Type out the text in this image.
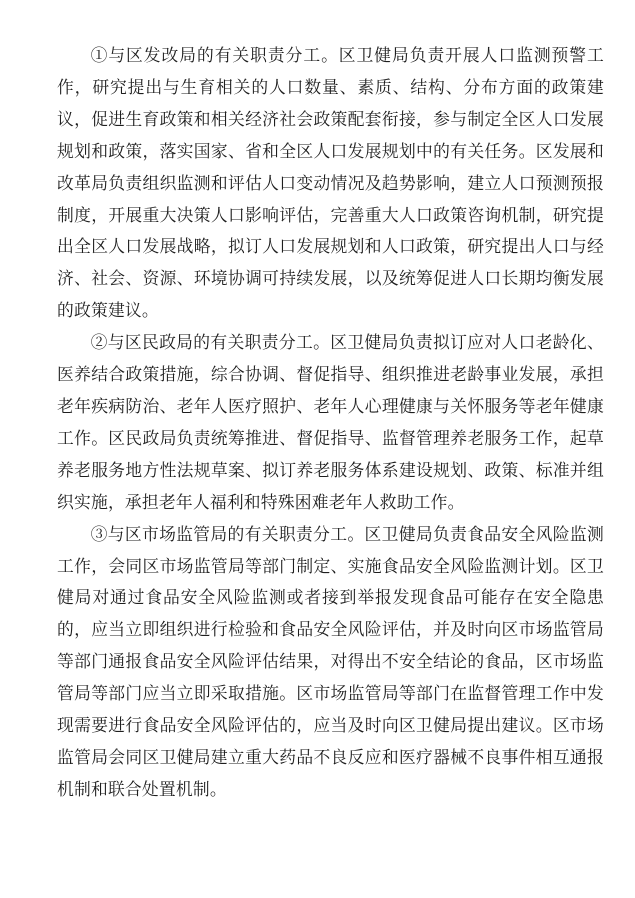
①与区发改局的有关职责分工。区卫健局负责开展人口监测预警工作，研究提出与生育相关的人口数量、素质、结构、分布方面的政策建议，促进生育政策和相关经济社会政策配套衔接，参与制定全区人口发展规划和政策，落实国家、省和全区人口发展规划中的有关任务。区发展和改革局负责组织监测和评估人口变动情况及趋势影响，建立人口预测预报制度，开展重大决策人口影响评估，完善重大人口政策咨询机制，研究提出全区人口发展战略，拟订人口发展规划和人口政策，研究提出人口与经济、社会、资源、环境协调可持续发展，以及统筹促进人口长期均衡发展的政策建议。

②与区民政局的有关职责分工。区卫健局负责拟订应对人口老龄化、医养结合政策措施，综合协调、督促指导、组织推进老龄事业发展，承担老年疾病防治、老年人医疗照护、老年人心理健康与关怀服务等老年健康工作。区民政局负责统筹推进、督促指导、监督管理养老服务工作，起草养老服务地方性法规草案、拟订养老服务体系建设规划、政策、标准并组织实施，承担老年人福利和特殊困难老年人救助工作。

③与区市场监管局的有关职责分工。区卫健局负责食品安全风险监测工作，会同区市场监管局等部门制定、实施食品安全风险监测计划。区卫健局对通过食品安全风险监测或者接到举报发现食品可能存在安全隐患的，应当立即组织进行检验和食品安全风险评估，并及时向区市场监管局等部门通报食品安全风险评估结果，对得出不安全结论的食品，区市场监管局等部门应当立即采取措施。区市场监管局等部门在监督管理工作中发现需要进行食品安全风险评估的，应当及时向区卫健局提出建议。区市场监管局会同区卫健局建立重大药品不良反应和医疗器械不良事件相互通报机制和联合处置机制。
